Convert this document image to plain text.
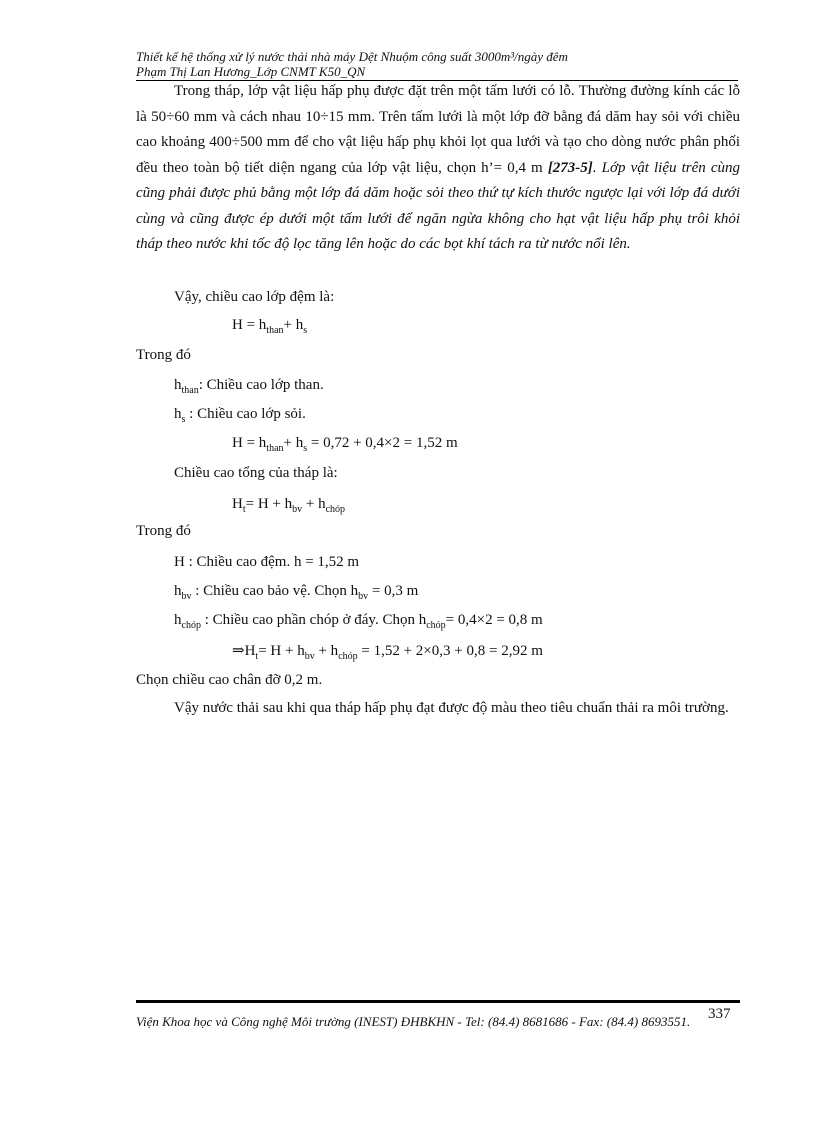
Thiết kế hệ thống xử lý nước thải nhà máy Dệt Nhuộm công suất 3000m³/ngày đêm
Phạm Thị Lan Hương_Lớp CNMT K50_QN
Trong tháp, lớp vật liệu hấp phụ được đặt trên một tấm lưới có lỗ. Thường đường kính các lỗ là 50÷60 mm và cách nhau 10÷15 mm. Trên tấm lưới là một lớp đỡ bằng đá dăm hay sỏi với chiều cao khoảng 400÷500 mm để cho vật liệu hấp phụ khỏi lọt qua lưới và tạo cho dòng nước phân phối đều theo toàn bộ tiết diện ngang của lớp vật liệu, chọn h’= 0,4 m [273-5]. Lớp vật liệu trên cùng cũng phải được phủ bằng một lớp đá dăm hoặc sỏi theo thứ tự kích thước ngược lại với lớp đá dưới cùng và cũng được ép dưới một tấm lưới để ngăn ngừa không cho hạt vật liệu hấp phụ trôi khỏi tháp theo nước khi tốc độ lọc tăng lên hoặc do các bọt khí tách ra từ nước nổi lên.
Vậy, chiều cao lớp đệm là:
$H = h_{than}+ h_s$
Trong đó
$h_{than}$: Chiều cao lớp than.
$h_s$ : Chiều cao lớp sỏi.
$H = h_{than}+ h_s = 0,72 + 0,4\times 2 = 1,52$ m
Chiều cao tổng của tháp là:
$H_t= H + h_{bv} + h_{chóp}$
Trong đó
H : Chiều cao đệm. h = 1,52 m
$h_{bv}$ : Chiều cao bảo vệ. Chọn $h_{bv} = 0,3$ m
$h_{chóp}$ : Chiều cao phần chóp ở đáy. Chọn $h_{chóp}= 0,4\times 2 = 0,8$ m
$\Rightarrow H_t= H + h_{bv} + h_{chóp} = 1,52 + 2\times 0,3 + 0,8 = 2,92$ m
Chọn chiều cao chân đỡ 0,2 m.
Vậy nước thải sau khi qua tháp hấp phụ đạt được độ màu theo tiêu chuẩn thải ra môi trường.
Viện Khoa học và Công nghệ Môi trường (INEST) ĐHBKHN - Tel: (84.4) 8681686 - Fax: (84.4) 8693551.	337
